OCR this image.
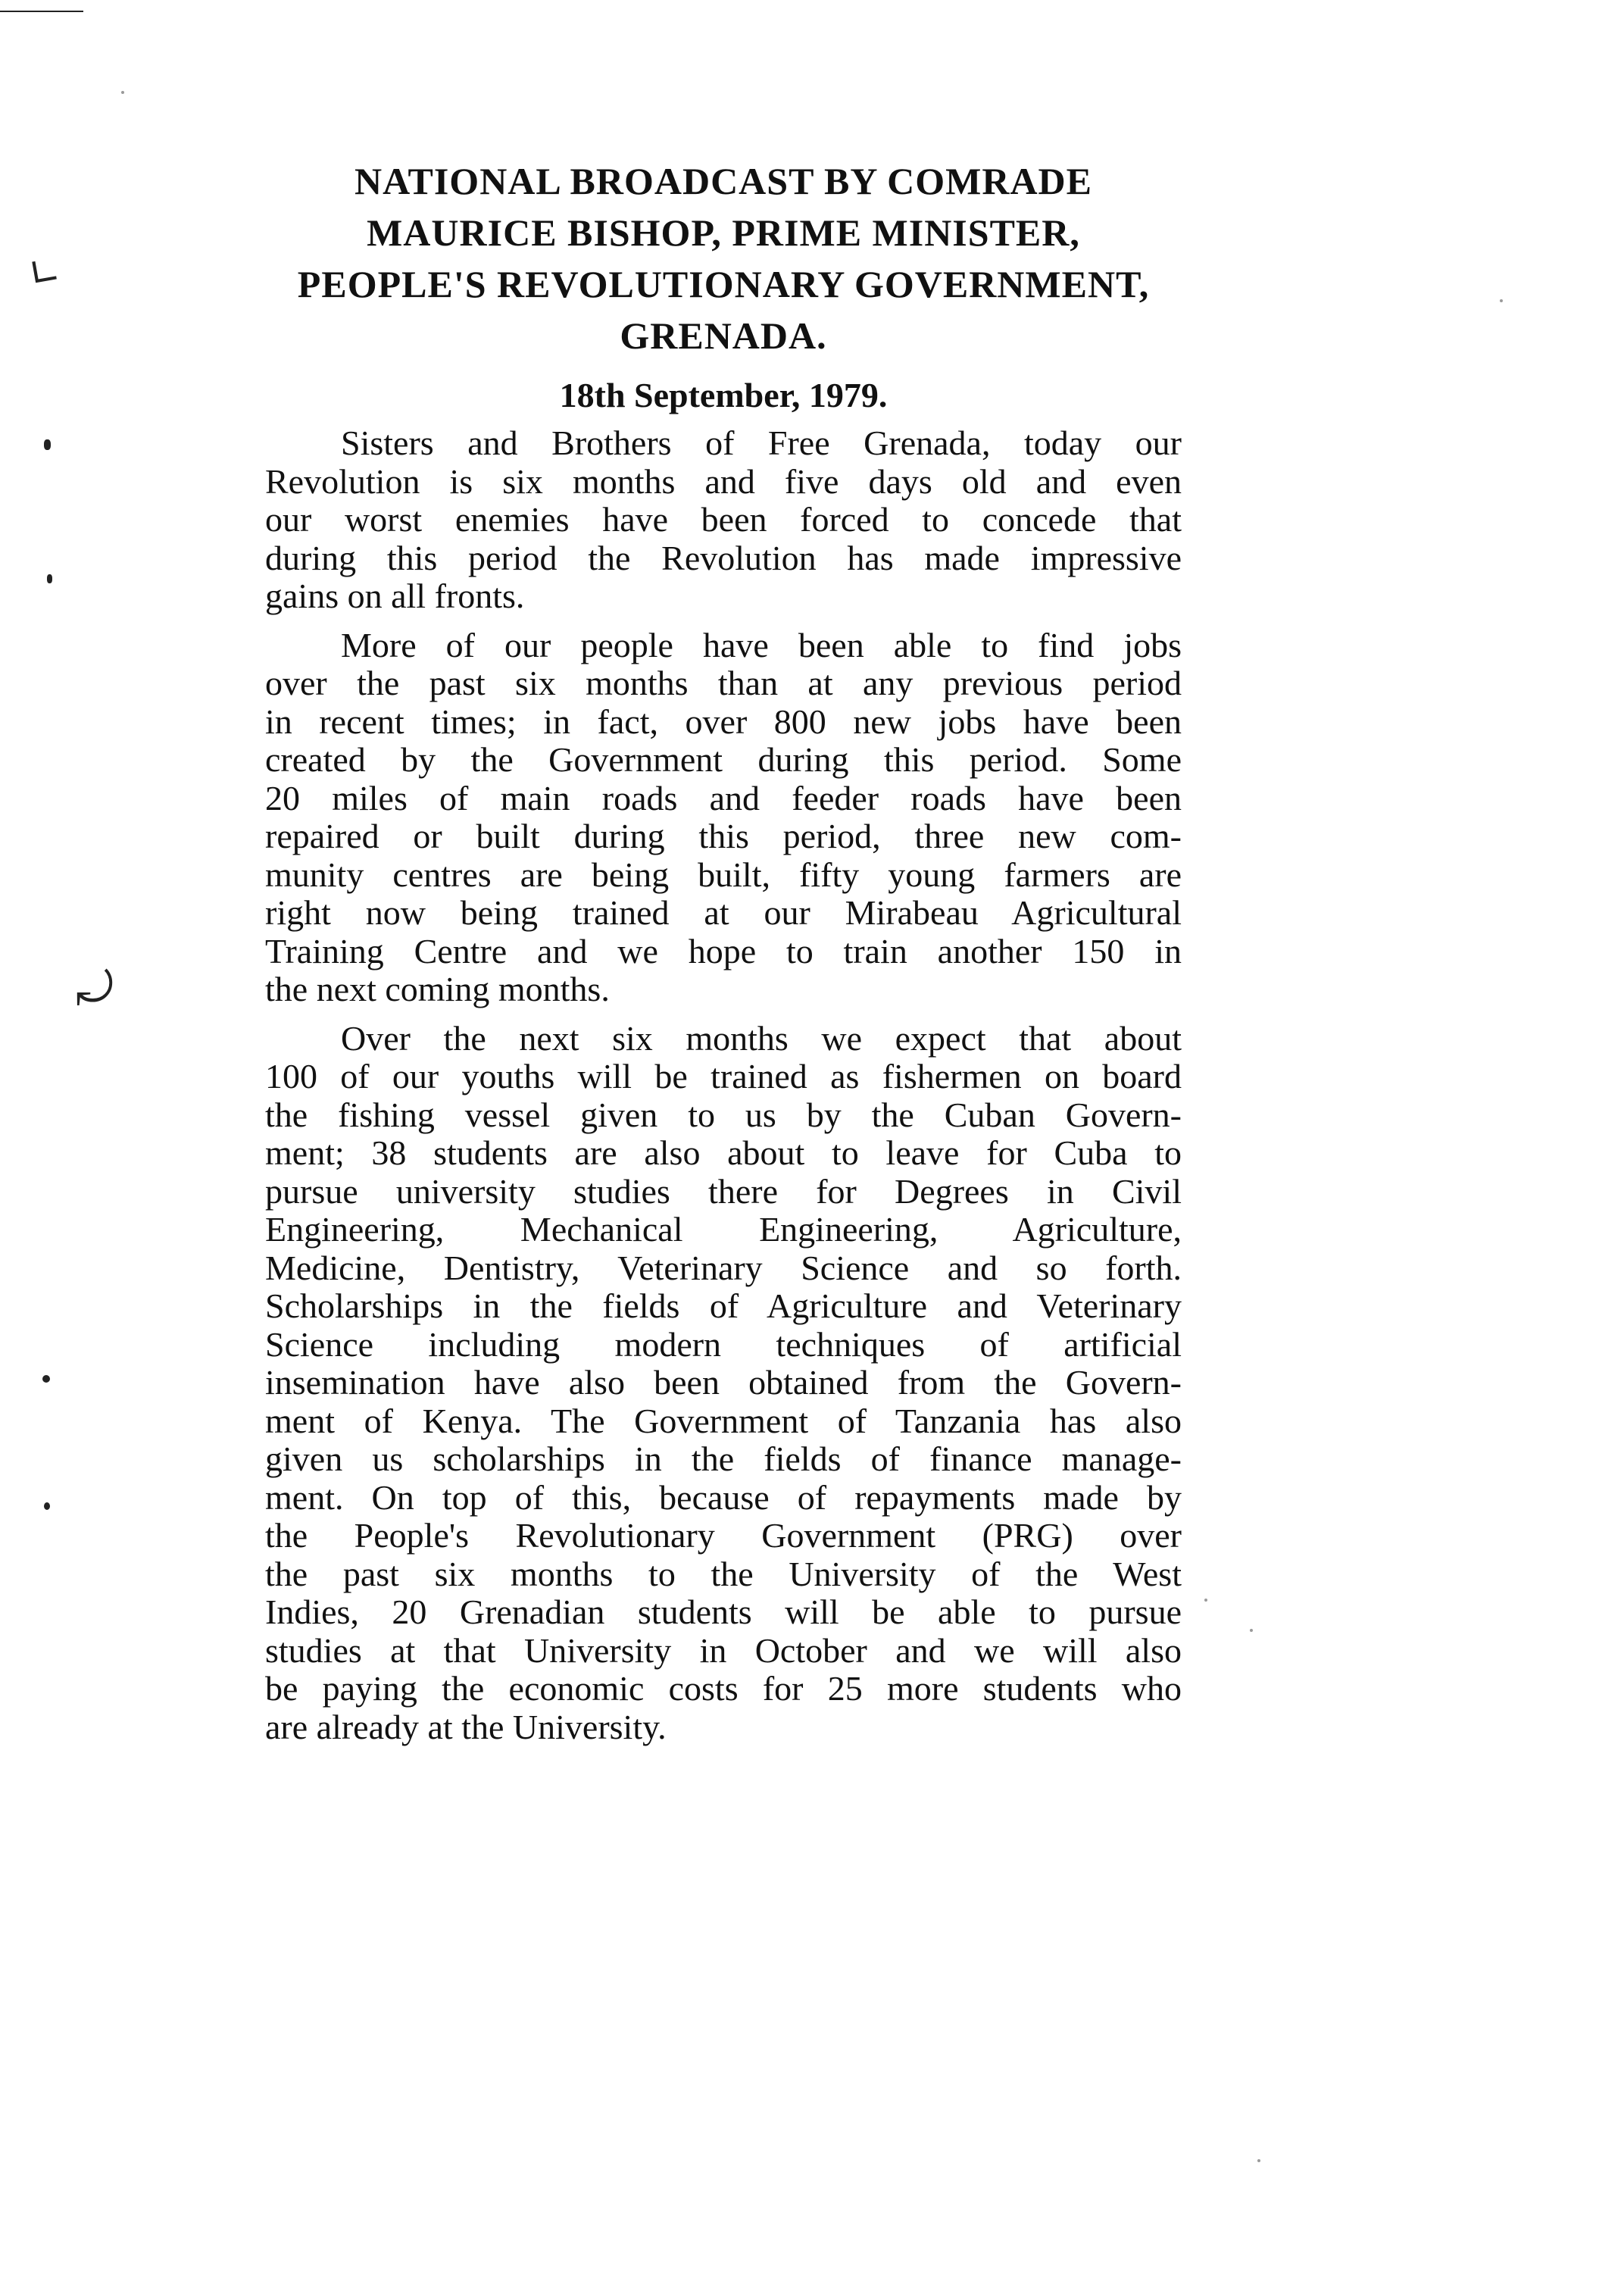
∟
⤾
NATIONAL BROADCAST BY COMRADE
MAURICE BISHOP, PRIME MINISTER,
PEOPLE'S REVOLUTIONARY GOVERNMENT,
GRENADA.
18th September, 1979.
Sisters and Brothers of Free Grenada, today our
Revolution is six months and five days old and even
our worst enemies have been forced to concede that
during this period the Revolution has made impressive
gains on all fronts.
More of our people have been able to find jobs
over the past six months than at any previous period
in recent times; in fact, over 800 new jobs have been
created by the Government during this period. Some
20 miles of main roads and feeder roads have been
repaired or built during this period, three new com-
munity centres are being built, fifty young farmers are
right now being trained at our Mirabeau Agricultural
Training Centre and we hope to train another 150 in
the next coming months.
Over the next six months we expect that about
100 of our youths will be trained as fishermen on board
the fishing vessel given to us by the Cuban Govern-
ment; 38 students are also about to leave for Cuba to
pursue university studies there for Degrees in Civil
Engineering, Mechanical Engineering, Agriculture,
Medicine, Dentistry, Veterinary Science and so forth.
Scholarships in the fields of Agriculture and Veterinary
Science including modern techniques of artificial
insemination have also been obtained from the Govern-
ment of Kenya. The Government of Tanzania has also
given us scholarships in the fields of finance manage-
ment. On top of this, because of repayments made by
the People's Revolutionary Government (PRG) over
the past six months to the University of the West
Indies, 20 Grenadian students will be able to pursue
studies at that University in October and we will also
be paying the economic costs for 25 more students who
are already at the University.
